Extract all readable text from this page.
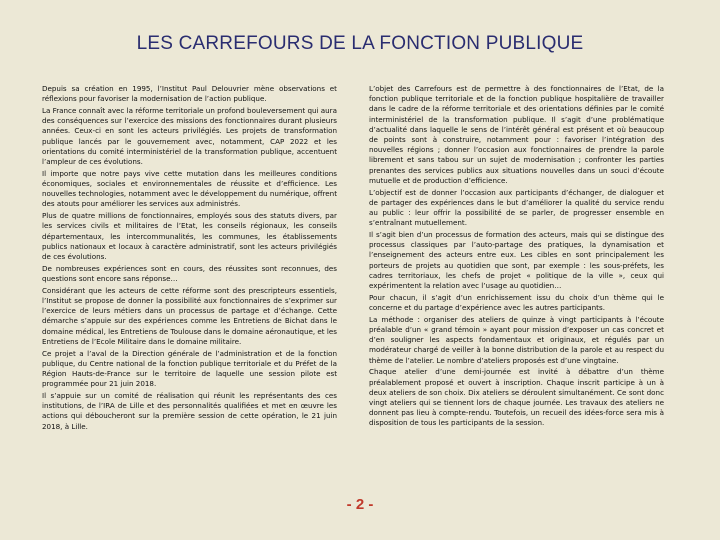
LES CARREFOURS DE LA FONCTION PUBLIQUE

Depuis sa création en 1995, l’Institut Paul Delouvrier mène observations et réflexions pour favoriser la modernisation de l’action publique.

La France connaît avec la réforme territoriale un profond bouleversement qui aura des conséquences sur l’exercice des missions des fonctionnaires durant plusieurs années. Ceux-ci en sont les acteurs privilégiés. Les projets de transformation publique lancés par le gouvernement avec, notamment, CAP 2022 et les orientations du comité interministériel de la transformation publique, accentuent l’ampleur de ces évolutions.

Il importe que notre pays vive cette mutation dans les meilleures conditions économiques, sociales et environnementales de réussite et d’efficience. Les nouvelles technologies, notamment avec le développement du numérique, offrent des atouts pour améliorer les services aux administrés.

Plus de quatre millions de fonctionnaires, employés sous des statuts divers, par les services civils et militaires de l’Etat, les conseils régionaux, les conseils départementaux, les intercommunalités, les communes, les établissements publics nationaux et locaux à caractère administratif, sont les acteurs privilégiés de ces évolutions.

De nombreuses expériences sont en cours, des réussites sont reconnues, des questions sont encore sans réponse…

Considérant que les acteurs de cette réforme sont des prescripteurs essentiels, l’Institut se propose de donner la possibilité aux fonctionnaires de s’exprimer sur l’exercice de leurs métiers dans un processus de partage et d’échange. Cette démarche s’appuie sur des expériences comme les Entretiens de Bichat dans le domaine médical, les Entretiens de Toulouse dans le domaine aéronautique, et les Entretiens de l’Ecole Militaire dans le domaine militaire.

Ce projet a l’aval de la Direction générale de l’administration et de la fonction publique, du Centre national de la fonction publique territoriale et du Préfet de la Région Hauts-de-France sur le territoire de laquelle une session pilote est programmée pour 21 juin 2018.

Il s’appuie sur un comité de réalisation qui réunit les représentants des ces institutions, de l’IRA de Lille et des personnalités qualifiées et met en œuvre les actions qui déboucheront sur la première session de cette opération, le 21 juin 2018, à Lille.

L’objet des Carrefours est de permettre à des fonctionnaires de l’Etat, de la fonction publique territoriale et de la fonction publique hospitalière de travailler dans le cadre de la réforme territoriale et des orientations définies par le comité interministériel de la transformation publique. Il s’agit d’une problématique d’actualité dans laquelle le sens de l’intérêt général est présent et où beaucoup de points sont à construire, notamment pour : favoriser l’intégration des nouvelles régions ; donner l’occasion aux fonctionnaires de prendre la parole librement et sans tabou sur un sujet de modernisation ; confronter les parties prenantes des services publics aux situations nouvelles dans un souci d’écoute mutuelle et de production d’efficience.

L’objectif est de donner l’occasion aux participants d’échanger, de dialoguer et de partager des expériences dans le but d’améliorer la qualité du service rendu au public : leur offrir la possibilité de se parler, de progresser ensemble en s’entraînant mutuellement.

Il s’agit bien d’un processus de formation des acteurs, mais qui se distingue des processus classiques par l’auto-partage des pratiques, la dynamisation et l’enseignement des acteurs entre eux. Les cibles en sont principalement les porteurs de projets au quotidien que sont, par exemple : les sous-préfets, les cadres territoriaux, les chefs de projet « politique de la ville », ceux qui expérimentent la relation avec l’usage au quotidien…

Pour chacun, il s’agit d’un enrichissement issu du choix d’un thème qui le concerne et du partage d’expérience avec les autres participants.

La méthode : organiser des ateliers de quinze à vingt participants à l’écoute préalable d’un « grand témoin » ayant pour mission d’exposer un cas concret et d’en souligner les aspects fondamentaux et originaux, et régulés par un modérateur chargé de veiller à la bonne distribution de la parole et au respect du thème de l’atelier. Le nombre d’ateliers proposés est d’une vingtaine.

Chaque atelier d’une demi-journée est invité à débattre d’un thème préalablement proposé et ouvert à inscription. Chaque inscrit participe à un à deux ateliers de son choix. Dix ateliers se déroulent simultanément. Ce sont donc vingt ateliers qui se tiennent lors de chaque journée. Les travaux des ateliers ne donnent pas lieu à compte-rendu. Toutefois, un recueil des idées-force sera mis à disposition de tous les participants de la session.

- 2 -
